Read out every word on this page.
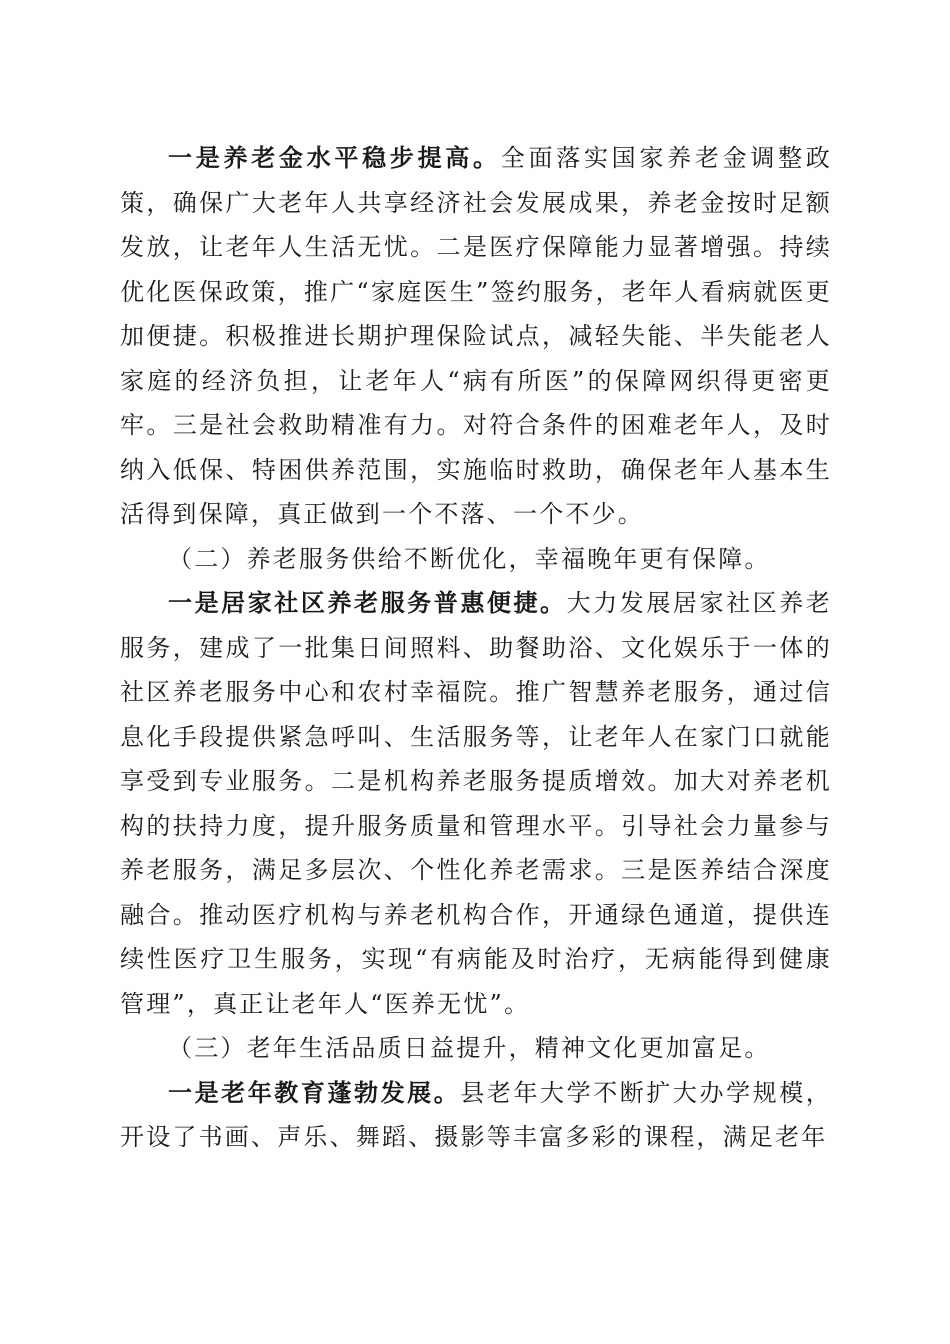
一是养老金水平稳步提高。全面落实国家养老金调整政策，确保广大老年人共享经济社会发展成果，养老金按时足额发放，让老年人生活无忧。二是医疗保障能力显著增强。持续优化医保政策，推广“家庭医生”签约服务，老年人看病就医更加便捷。积极推进长期护理保险试点，减轻失能、半失能老人家庭的经济负担，让老年人“病有所医”的保障网织得更密更牢。三是社会救助精准有力。对符合条件的困难老年人，及时纳入低保、特困供养范围，实施临时救助，确保老年人基本生活得到保障，真正做到一个不落、一个不少。

（二）养老服务供给不断优化，幸福晚年更有保障。

一是居家社区养老服务普惠便捷。大力发展居家社区养老服务，建成了一批集日间照料、助餐助浴、文化娱乐于一体的社区养老服务中心和农村幸福院。推广智慧养老服务，通过信息化手段提供紧急呼叫、生活服务等，让老年人在家门口就能享受到专业服务。二是机构养老服务提质增效。加大对养老机构的扶持力度，提升服务质量和管理水平。引导社会力量参与养老服务，满足多层次、个性化养老需求。三是医养结合深度融合。推动医疗机构与养老机构合作，开通绿色通道，提供连续性医疗卫生服务，实现“有病能及时治疗，无病能得到健康管理”，真正让老年人“医养无忧”。

（三）老年生活品质日益提升，精神文化更加富足。

一是老年教育蓬勃发展。县老年大学不断扩大办学规模，开设了书画、声乐、舞蹈、摄影等丰富多彩的课程，满足老年
